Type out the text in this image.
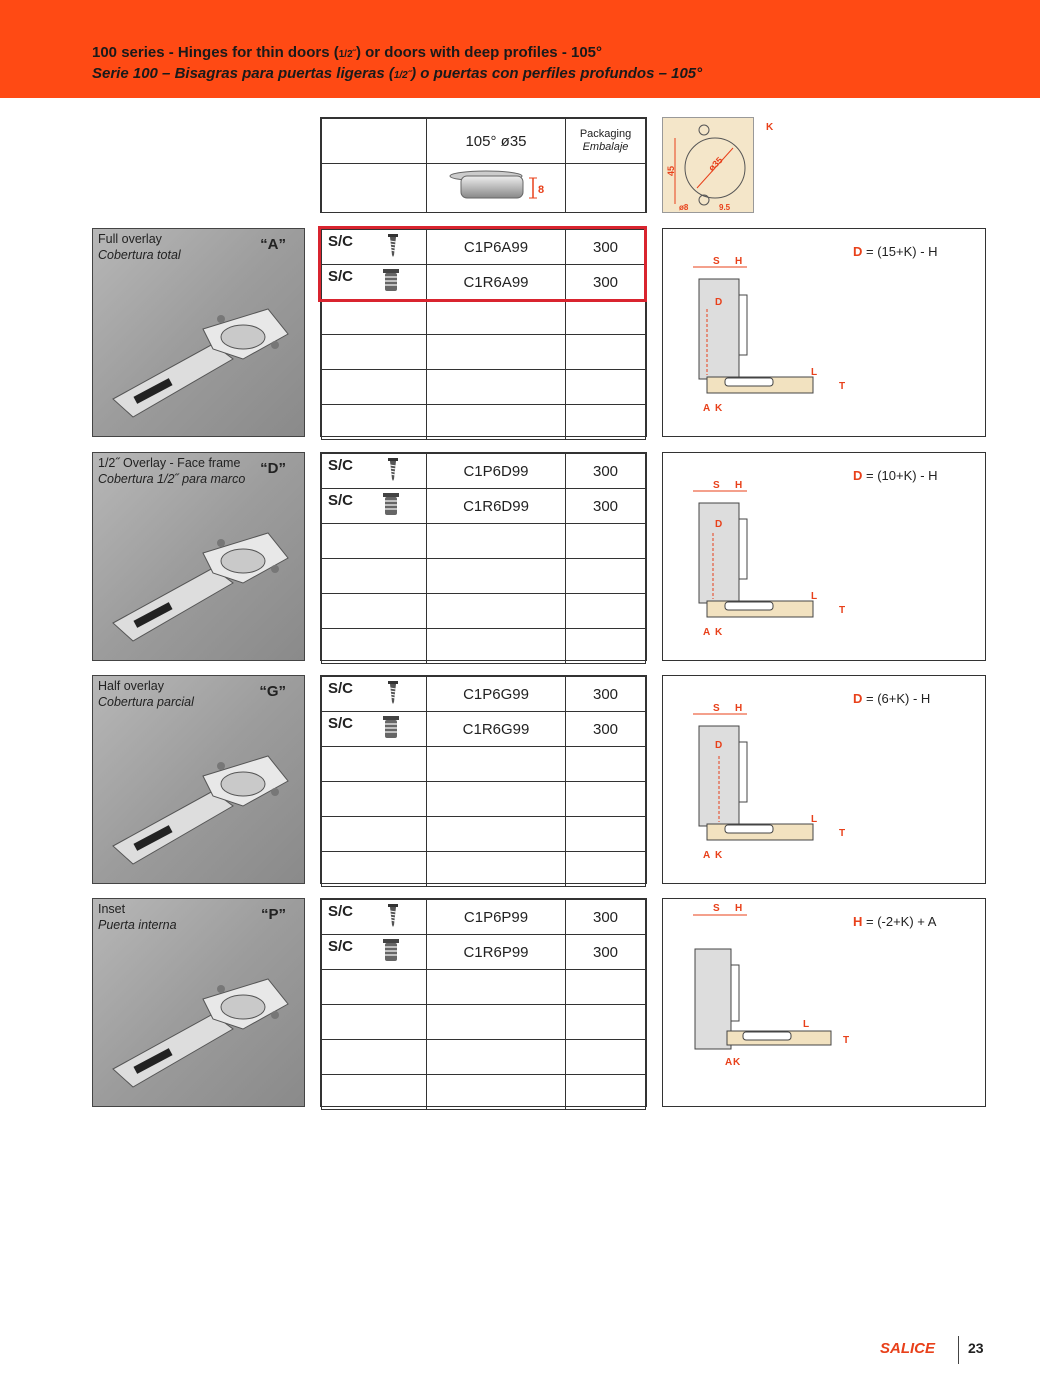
100 series - Hinges for thin doors (1/2˝) or doors with deep profiles - 105°
Serie 100 – Bisagras para puertas ligeras (1/2˝) o puertas con perfiles profundos – 105°
	105° ø35	Packaging
Embalaje

8	

45	ø35
ø8	9.5
K
Full overlay
Cobertura total
“A”	S/C	C1P6A99	300
S/C	C1R6A99	300

D = (15+K) - H
S H
D
L
T
A K
1/2˝ Overlay - Face frame
Cobertura 1/2˝ para marco
“D”	S/C	C1P6D99	300
S/C	C1R6D99	300

D = (10+K) - H
S H
D
L
T
A K
Half overlay
Cobertura parcial
“G”	S/C	C1P6G99	300
S/C	C1R6G99	300

D = (6+K) - H
S H
D
L
T
A K
Inset
Puerta interna
“P”	S/C	C1P6P99	300
S/C	C1R6P99	300

H = (-2+K) + A
S H
L
T
A K
SALICE 23
